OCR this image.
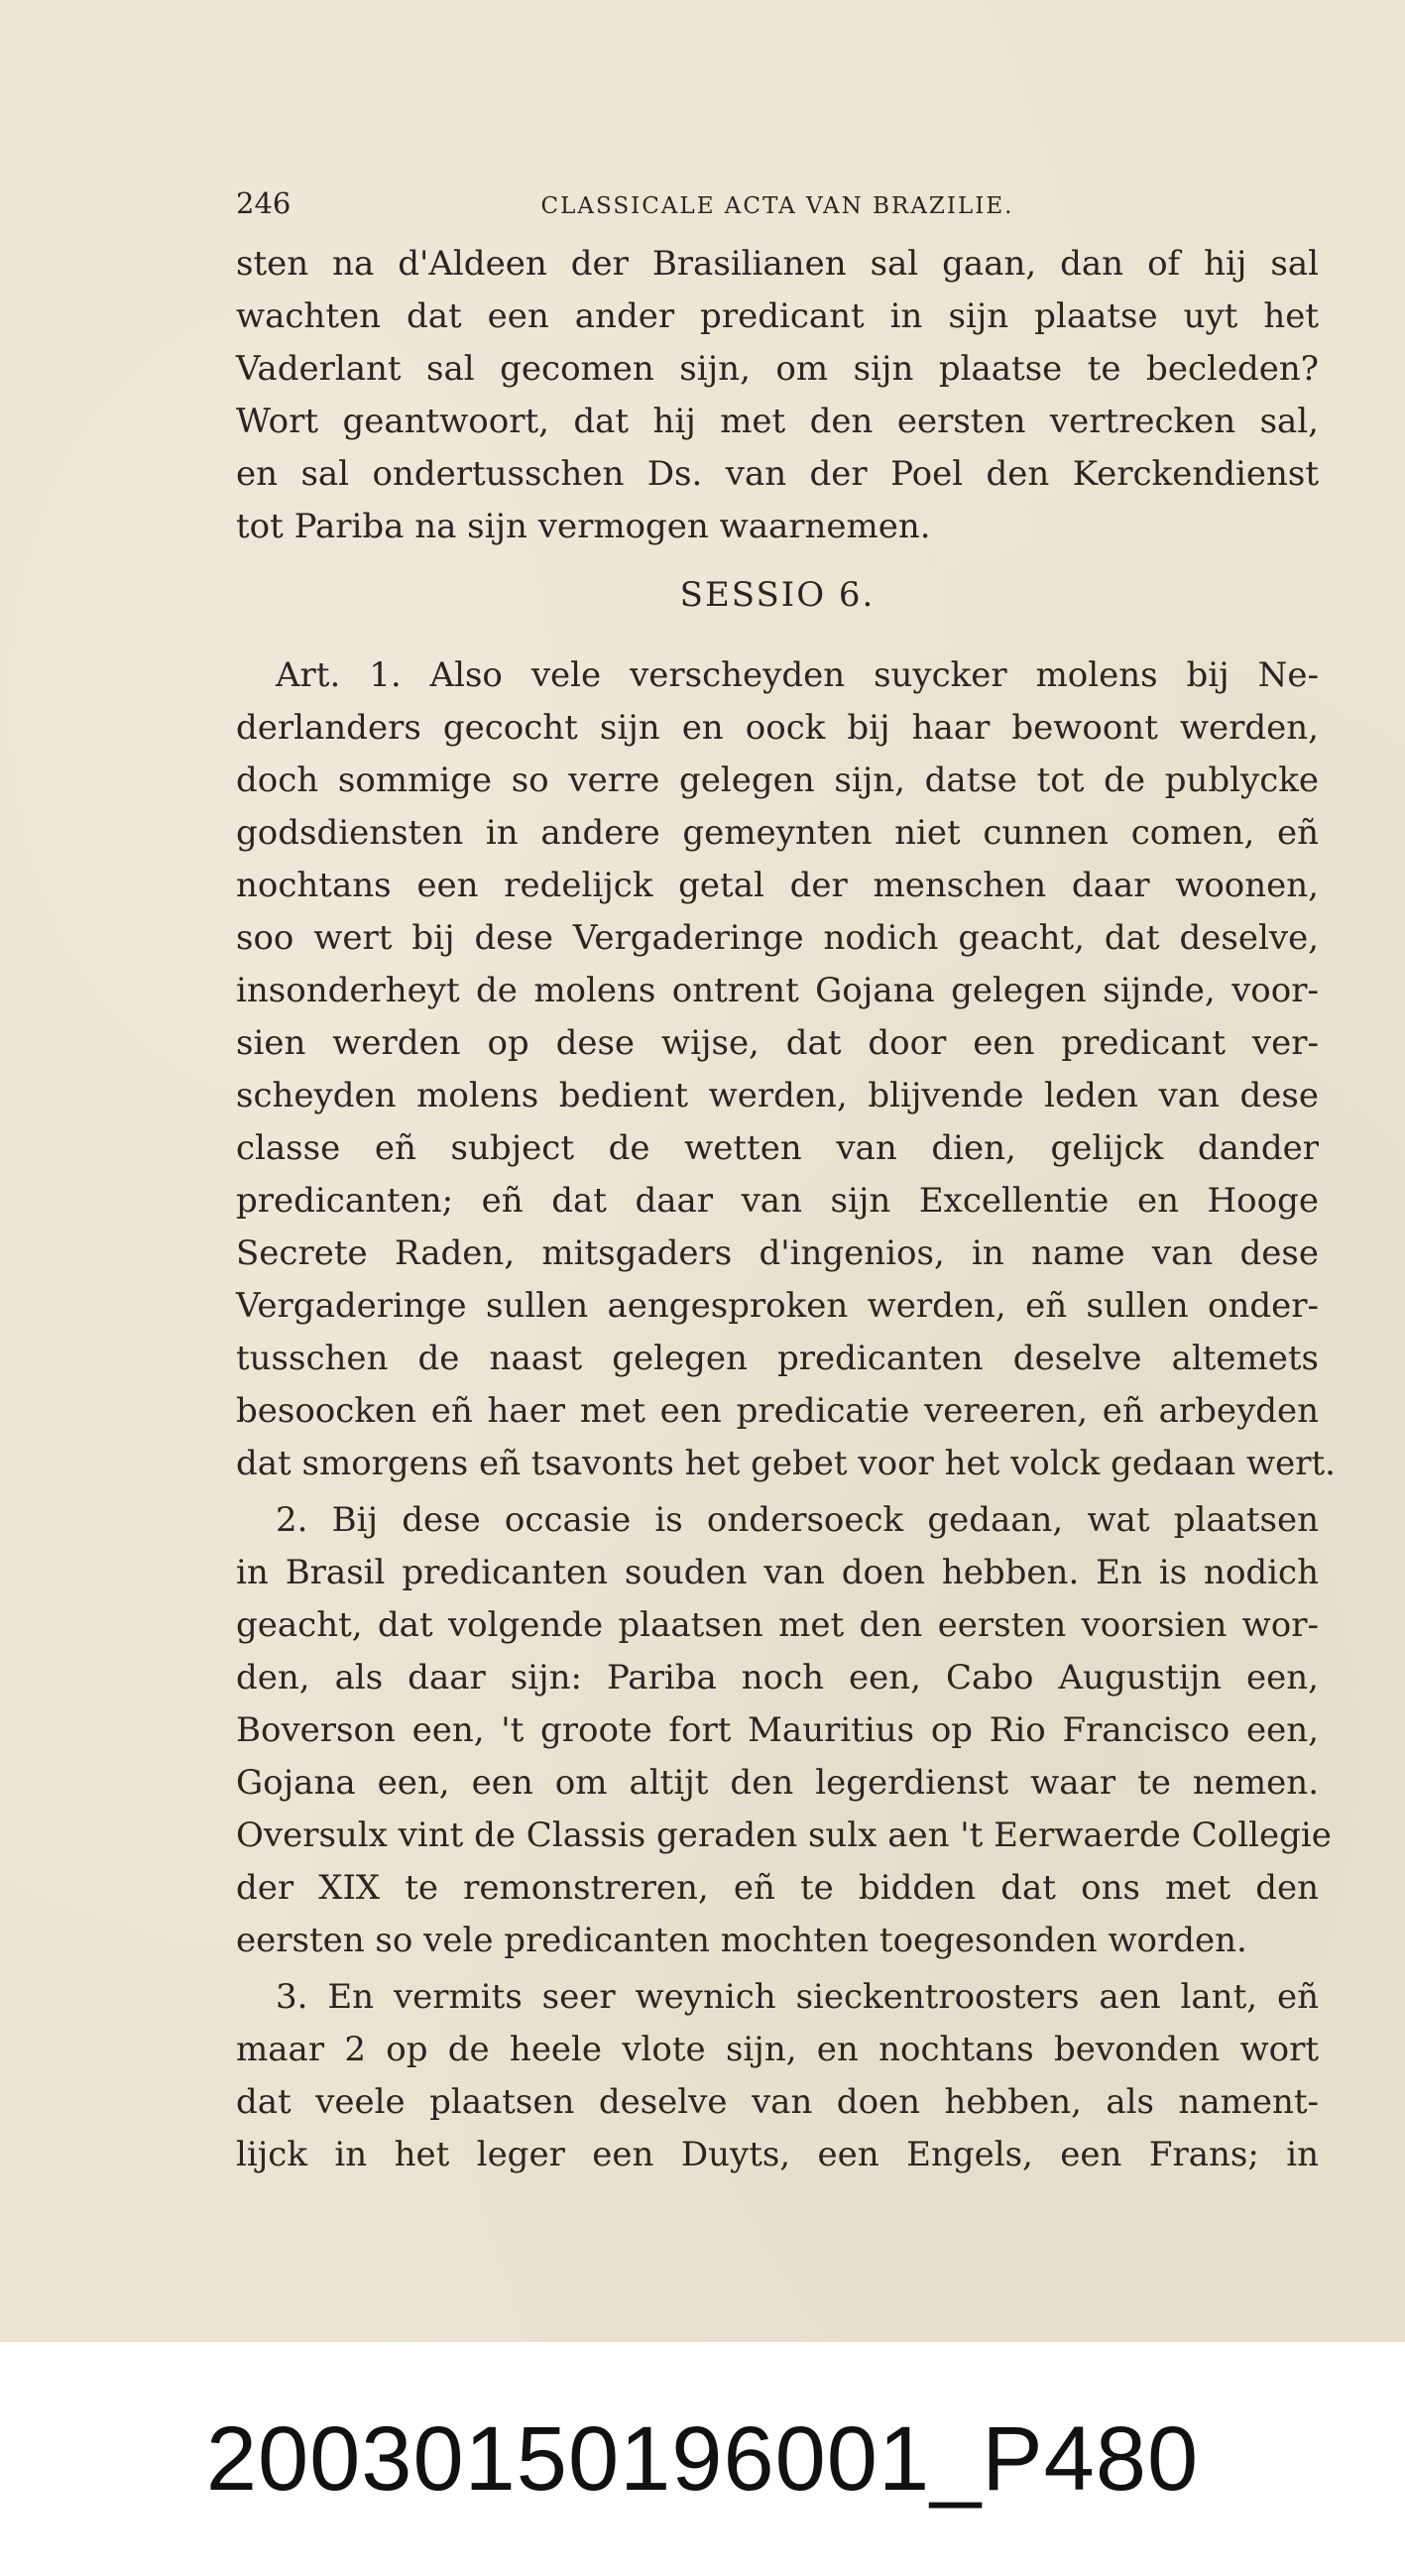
246	CLASSICALE ACTA VAN BRAZILIE.
sten na d'Aldeen der Brasilianen sal gaan, dan of hij sal
wachten dat een ander predicant in sijn plaatse uyt het
Vaderlant sal gecomen sijn, om sijn plaatse te becleden?
Wort geantwoort, dat hij met den eersten vertrecken sal,
en sal ondertusschen Ds. van der Poel den Kerckendienst
tot Pariba na sijn vermogen waarnemen.
SESSIO 6.
Art. 1. Also vele verscheyden suycker molens bij Ne-
derlanders gecocht sijn en oock bij haar bewoont werden,
doch sommige so verre gelegen sijn, datse tot de publycke
godsdiensten in andere gemeynten niet cunnen comen, eñ
nochtans een redelijck getal der menschen daar woonen,
soo wert bij dese Vergaderinge nodich geacht, dat deselve,
insonderheyt de molens ontrent Gojana gelegen sijnde, voor-
sien werden op dese wijse, dat door een predicant ver-
scheyden molens bedient werden, blijvende leden van dese
classe eñ subject de wetten van dien, gelijck dander
predicanten; eñ dat daar van sijn Excellentie en Hooge
Secrete Raden, mitsgaders d'ingenios, in name van dese
Vergaderinge sullen aengesproken werden, eñ sullen onder-
tusschen de naast gelegen predicanten deselve altemets
besoocken eñ haer met een predicatie vereeren, eñ arbeyden
dat smorgens eñ tsavonts het gebet voor het volck gedaan wert.
2. Bij dese occasie is ondersoeck gedaan, wat plaatsen
in Brasil predicanten souden van doen hebben. En is nodich
geacht, dat volgende plaatsen met den eersten voorsien wor-
den, als daar sijn: Pariba noch een, Cabo Augustijn een,
Boverson een, 't groote fort Mauritius op Rio Francisco een,
Gojana een, een om altijt den legerdienst waar te nemen.
Oversulx vint de Classis geraden sulx aen 't Eerwaerde Collegie
der XIX te remonstreren, eñ te bidden dat ons met den
eersten so vele predicanten mochten toegesonden worden.
3. En vermits seer weynich sieckentroosters aen lant, eñ
maar 2 op de heele vlote sijn, en nochtans bevonden wort
dat veele plaatsen deselve van doen hebben, als nament-
lijck in het leger een Duyts, een Engels, een Frans; in
20030150196001_P480
